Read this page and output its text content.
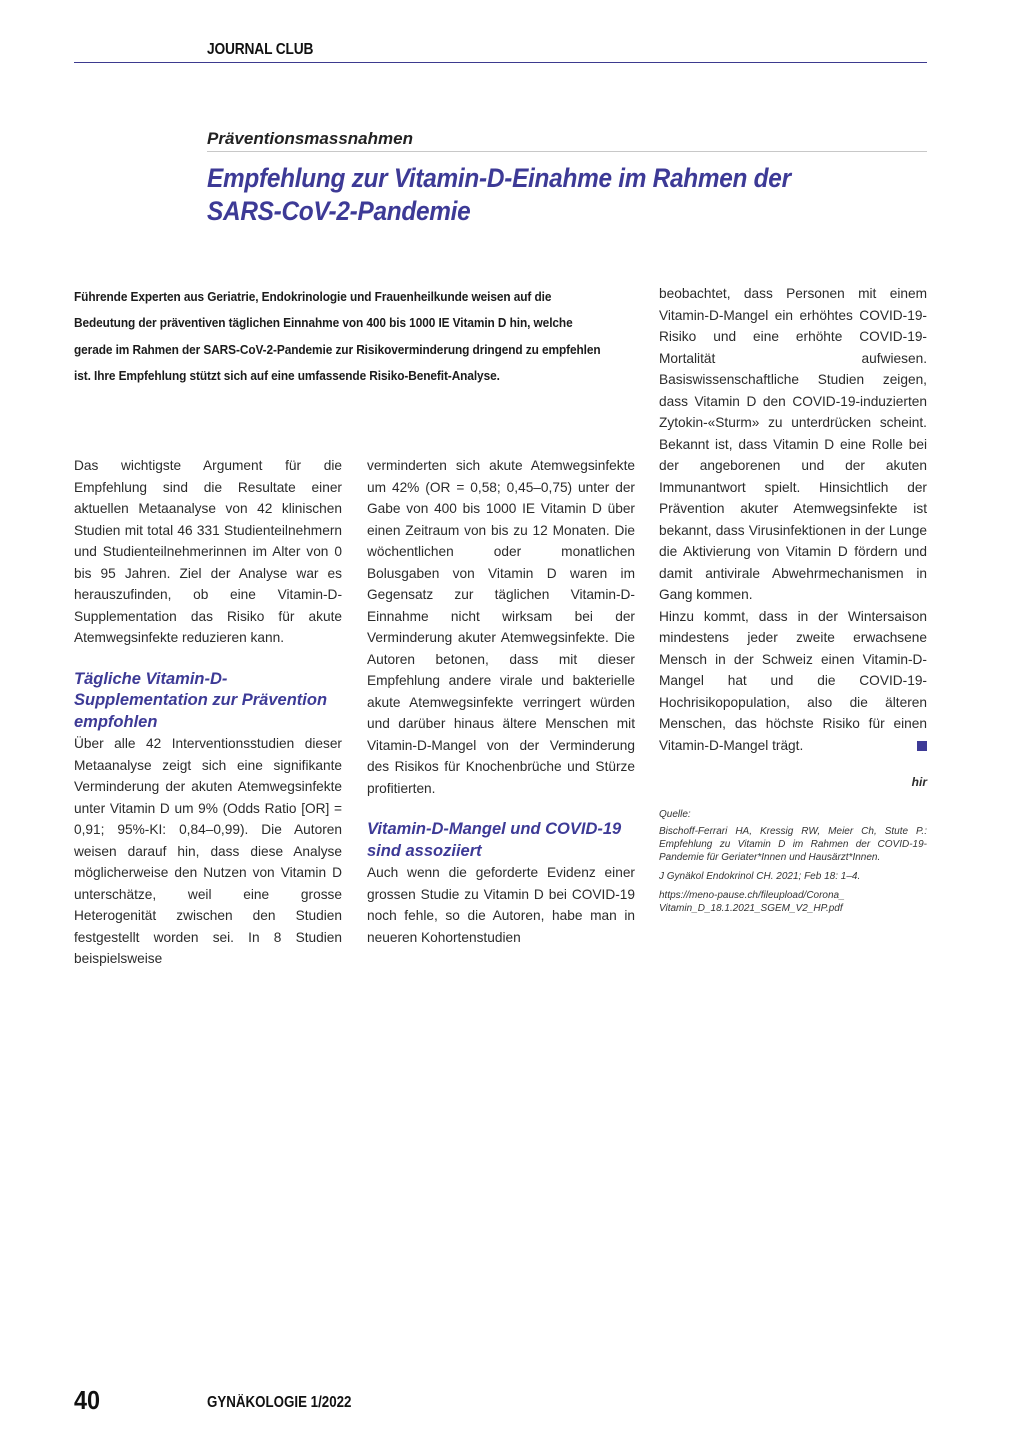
JOURNAL CLUB
Präventionsmassnahmen
Empfehlung zur Vitamin-D-Einahme im Rahmen der
SARS-CoV-2-Pandemie
Führende Experten aus Geriatrie, Endokrinologie und Frauenheilkunde weisen auf die Bedeutung der präventiven täglichen Einnahme von 400 bis 1000 IE Vitamin D hin, welche gerade im Rahmen der SARS-CoV-2-Pandemie zur Risikoverminderung dringend zu empfehlen ist. Ihre Empfehlung stützt sich auf eine umfassende Risiko-Benefit-Analyse.

Das wichtigste Argument für die Empfehlung sind die Resultate einer aktuellen Metaanalyse von 42 klinischen Studien mit total 46 331 Studienteilnehmern und Studienteilnehmerinnen im Alter von 0 bis 95 Jahren. Ziel der Analyse war es herauszufinden, ob eine Vitamin-D-Supplementation das Risiko für akute Atemwegsinfekte reduzieren kann.

Tägliche Vitamin-D-Supplementation zur Prävention empfohlen

Über alle 42 Interventionsstudien dieser Metaanalyse zeigt sich eine signifikante Verminderung der akuten Atemwegsinfekte unter Vitamin D um 9% (Odds Ratio [OR] = 0,91; 95%-KI: 0,84–0,99). Die Autoren weisen darauf hin, dass diese Analyse möglicherweise den Nutzen von Vitamin D unterschätze, weil eine grosse Heterogenität zwischen den Studien festgestellt worden sei. In 8 Studien beispielsweise

verminderten sich akute Atemwegsinfekte um 42% (OR = 0,58; 0,45–0,75) unter der Gabe von 400 bis 1000 IE Vitamin D über einen Zeitraum von bis zu 12 Monaten. Die wöchentlichen oder monatlichen Bolusgaben von Vitamin D waren im Gegensatz zur täglichen Vitamin-D-Einnahme nicht wirksam bei der Verminderung akuter Atemwegsinfekte. Die Autoren betonen, dass mit dieser Empfehlung andere virale und bakterielle akute Atemwegsinfekte verringert würden und darüber hinaus ältere Menschen mit Vitamin-D-Mangel von der Verminderung des Risikos für Knochenbrüche und Stürze profitierten.

Vitamin-D-Mangel und COVID-19 sind assoziiert

Auch wenn die geforderte Evidenz einer grossen Studie zu Vitamin D bei COVID-19 noch fehle, so die Autoren, habe man in neueren Kohortenstudien

beobachtet, dass Personen mit einem Vitamin-D-Mangel ein erhöhtes COVID-19-Risiko und eine erhöhte COVID-19-Mortalität aufwiesen. Basiswissenschaftliche Studien zeigen, dass Vitamin D den COVID-19-induzierten Zytokin-«Sturm» zu unterdrücken scheint. Bekannt ist, dass Vitamin D eine Rolle bei der angeborenen und der akuten Immunantwort spielt. Hinsichtlich der Prävention akuter Atemwegsinfekte ist bekannt, dass Virusinfektionen in der Lunge die Aktivierung von Vitamin D fördern und damit antivirale Abwehrmechanismen in Gang kommen.

Hinzu kommt, dass in der Wintersaison mindestens jeder zweite erwachsene Mensch in der Schweiz einen Vitamin-D-Mangel hat und die COVID-19-Hochrisikopopulation, also die älteren Menschen, das höchste Risiko für einen Vitamin-D-Mangel trägt.

hir

Quelle:

Bischoff-Ferrari HA, Kressig RW, Meier Ch, Stute P.: Empfehlung zu Vitamin D im Rahmen der COVID-19-Pandemie für Geriater*Innen und Hausärzt*Innen.

J Gynäkol Endokrinol CH. 2021; Feb 18: 1–4.

https://meno-pause.ch/fileupload/Corona_ Vitamin_D_18.1.2021_SGEM_V2_HP.pdf

40	GYNÄKOLOGIE 1/2022
